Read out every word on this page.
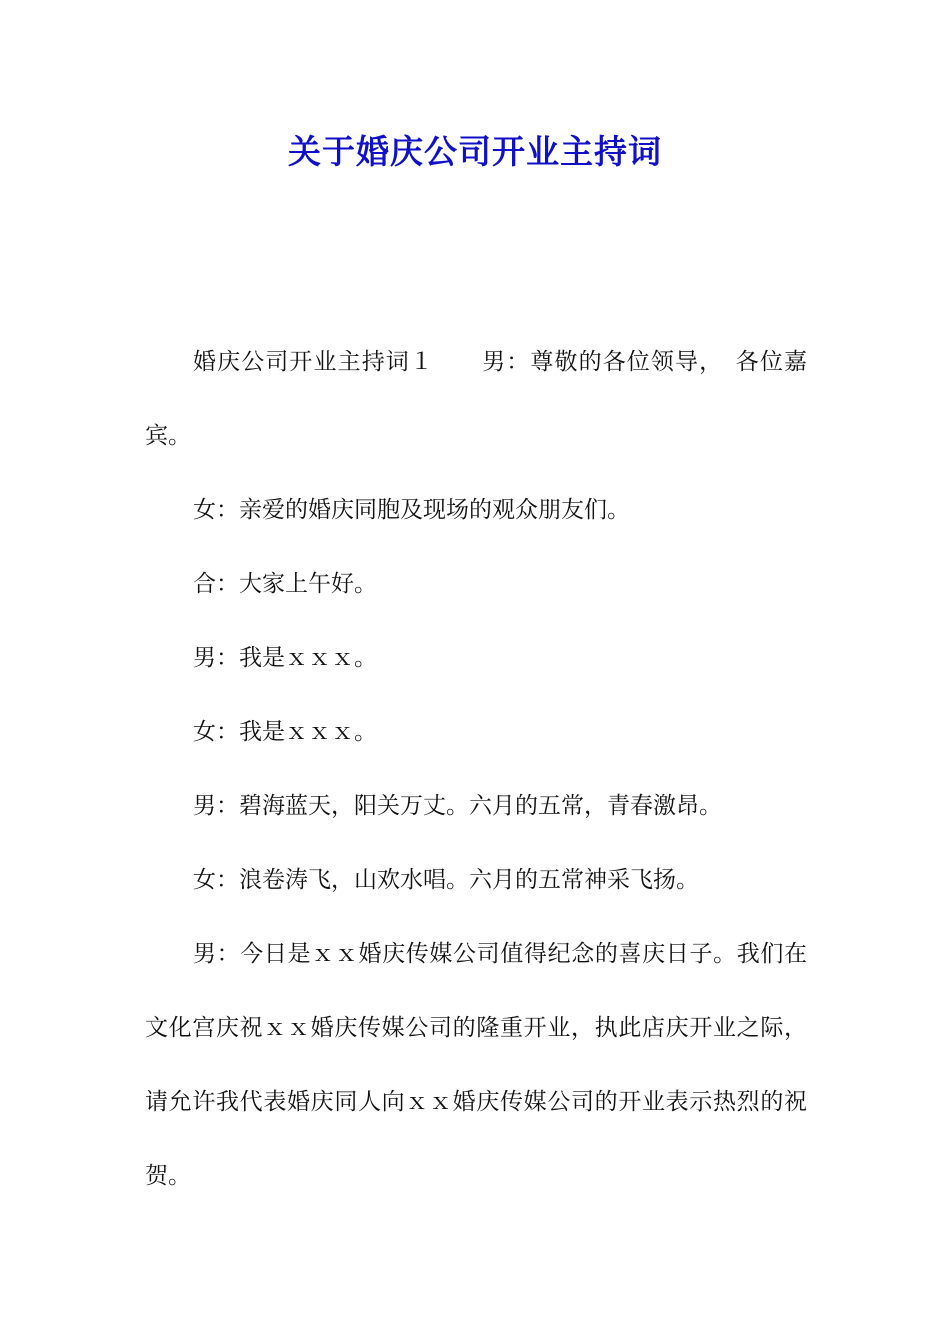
关于婚庆公司开业主持词

婚庆公司开业主持词１　　男：尊敬的各位领导，　各位嘉宾。

女：亲爱的婚庆同胞及现场的观众朋友们。

合：大家上午好。

男：我是ｘｘｘ。

女：我是ｘｘｘ。

男：碧海蓝天，阳关万丈。六月的五常，青春激昂。

女：浪卷涛飞，山欢水唱。六月的五常神采飞扬。

男：今日是ｘｘ婚庆传媒公司值得纪念的喜庆日子。我们在文化宫庆祝ｘｘ婚庆传媒公司的隆重开业，执此店庆开业之际，请允许我代表婚庆同人向ｘｘ婚庆传媒公司的开业表示热烈的祝贺。
